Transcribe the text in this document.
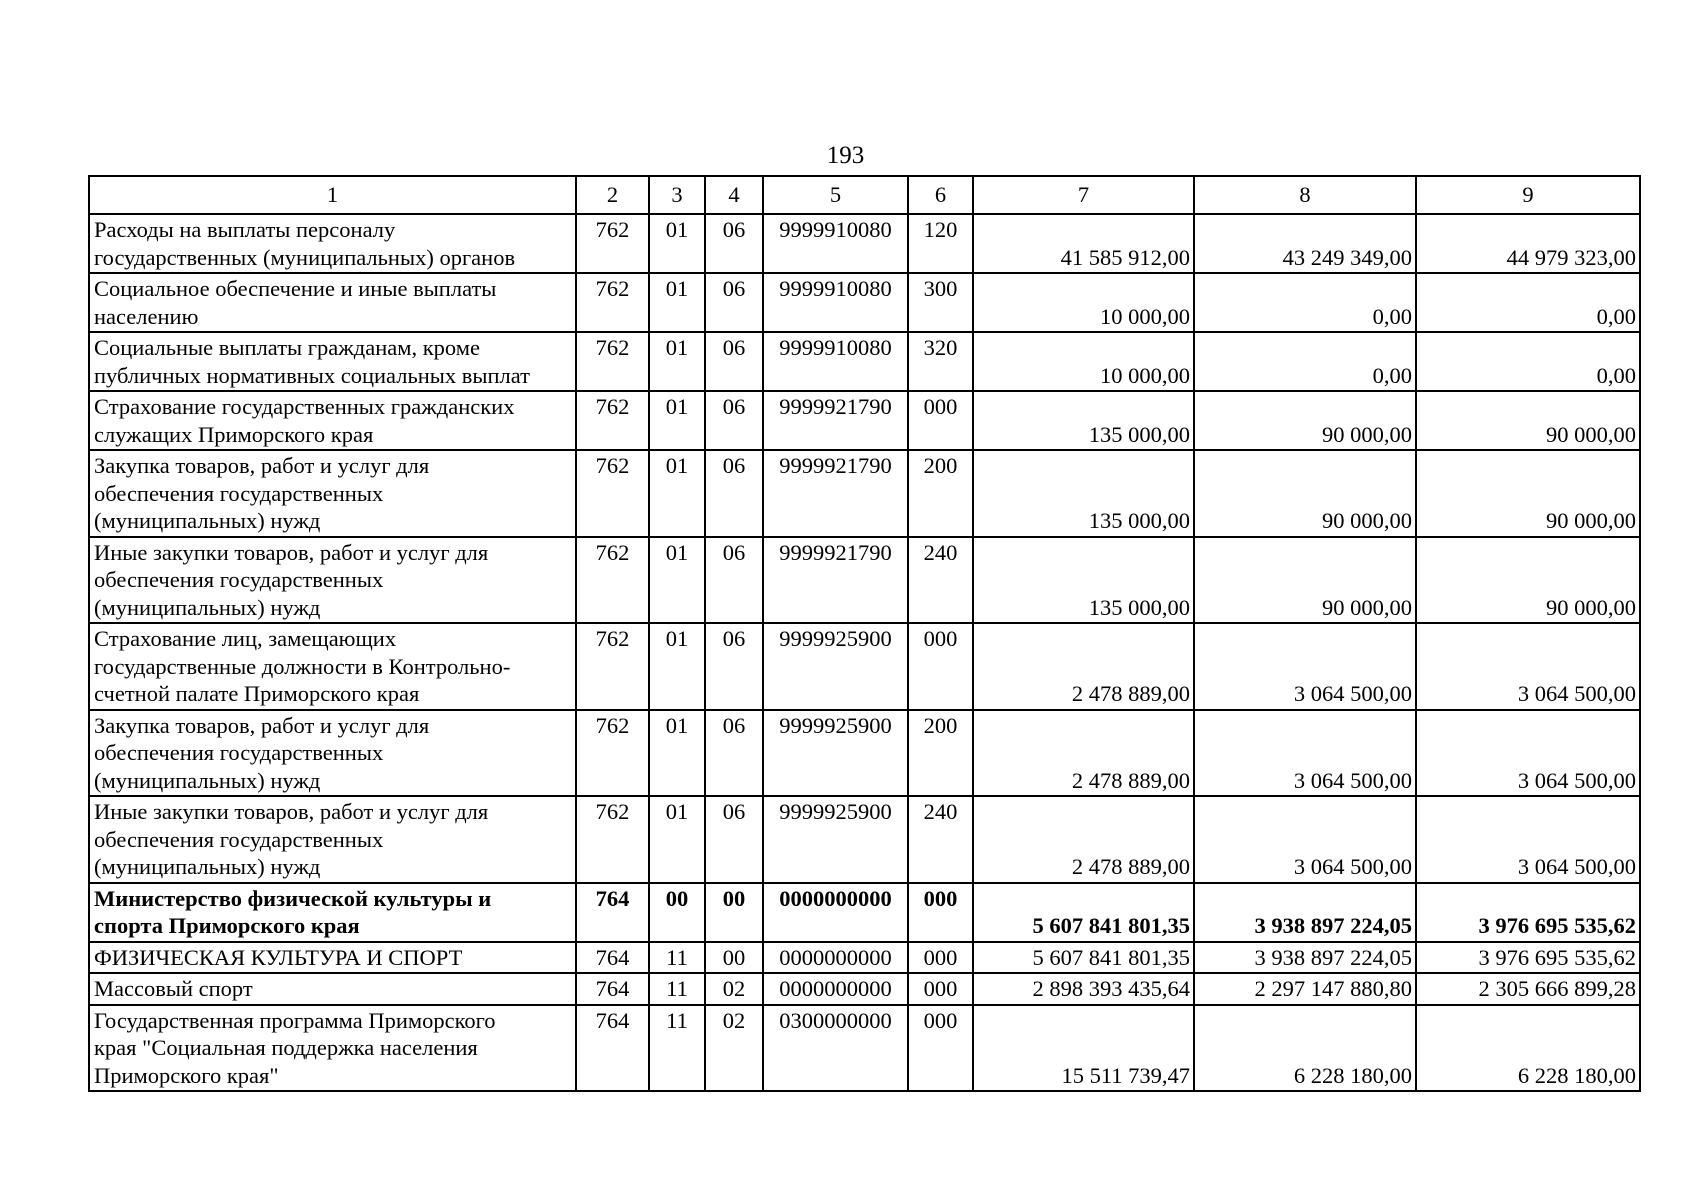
193
1	2	3	4	5	6	7	8	9
Расходы на выплаты персоналу
государственных (муниципальных) органов	762	01	06	9999910080	120	41 585 912,00	43 249 349,00	44 979 323,00
Социальное обеспечение и иные выплаты
населению	762	01	06	9999910080	300	10 000,00	0,00	0,00
Социальные выплаты гражданам, кроме
публичных нормативных социальных выплат	762	01	06	9999910080	320	10 000,00	0,00	0,00
Страхование государственных гражданских
служащих Приморского края	762	01	06	9999921790	000	135 000,00	90 000,00	90 000,00
Закупка товаров, работ и услуг для
обеспечения государственных
(муниципальных) нужд	762	01	06	9999921790	200	135 000,00	90 000,00	90 000,00
Иные закупки товаров, работ и услуг для
обеспечения государственных
(муниципальных) нужд	762	01	06	9999921790	240	135 000,00	90 000,00	90 000,00
Страхование лиц, замещающих
государственные должности в Контрольно-
счетной палате Приморского края	762	01	06	9999925900	000	2 478 889,00	3 064 500,00	3 064 500,00
Закупка товаров, работ и услуг для
обеспечения государственных
(муниципальных) нужд	762	01	06	9999925900	200	2 478 889,00	3 064 500,00	3 064 500,00
Иные закупки товаров, работ и услуг для
обеспечения государственных
(муниципальных) нужд	762	01	06	9999925900	240	2 478 889,00	3 064 500,00	3 064 500,00
Министерство физической культуры и
спорта Приморского края	764	00	00	0000000000	000	5 607 841 801,35	3 938 897 224,05	3 976 695 535,62
ФИЗИЧЕСКАЯ КУЛЬТУРА И СПОРТ	764	11	00	0000000000	000	5 607 841 801,35	3 938 897 224,05	3 976 695 535,62
Массовый спорт	764	11	02	0000000000	000	2 898 393 435,64	2 297 147 880,80	2 305 666 899,28
Государственная программа Приморского
края "Социальная поддержка населения
Приморского края"	764	11	02	0300000000	000	15 511 739,47	6 228 180,00	6 228 180,00
